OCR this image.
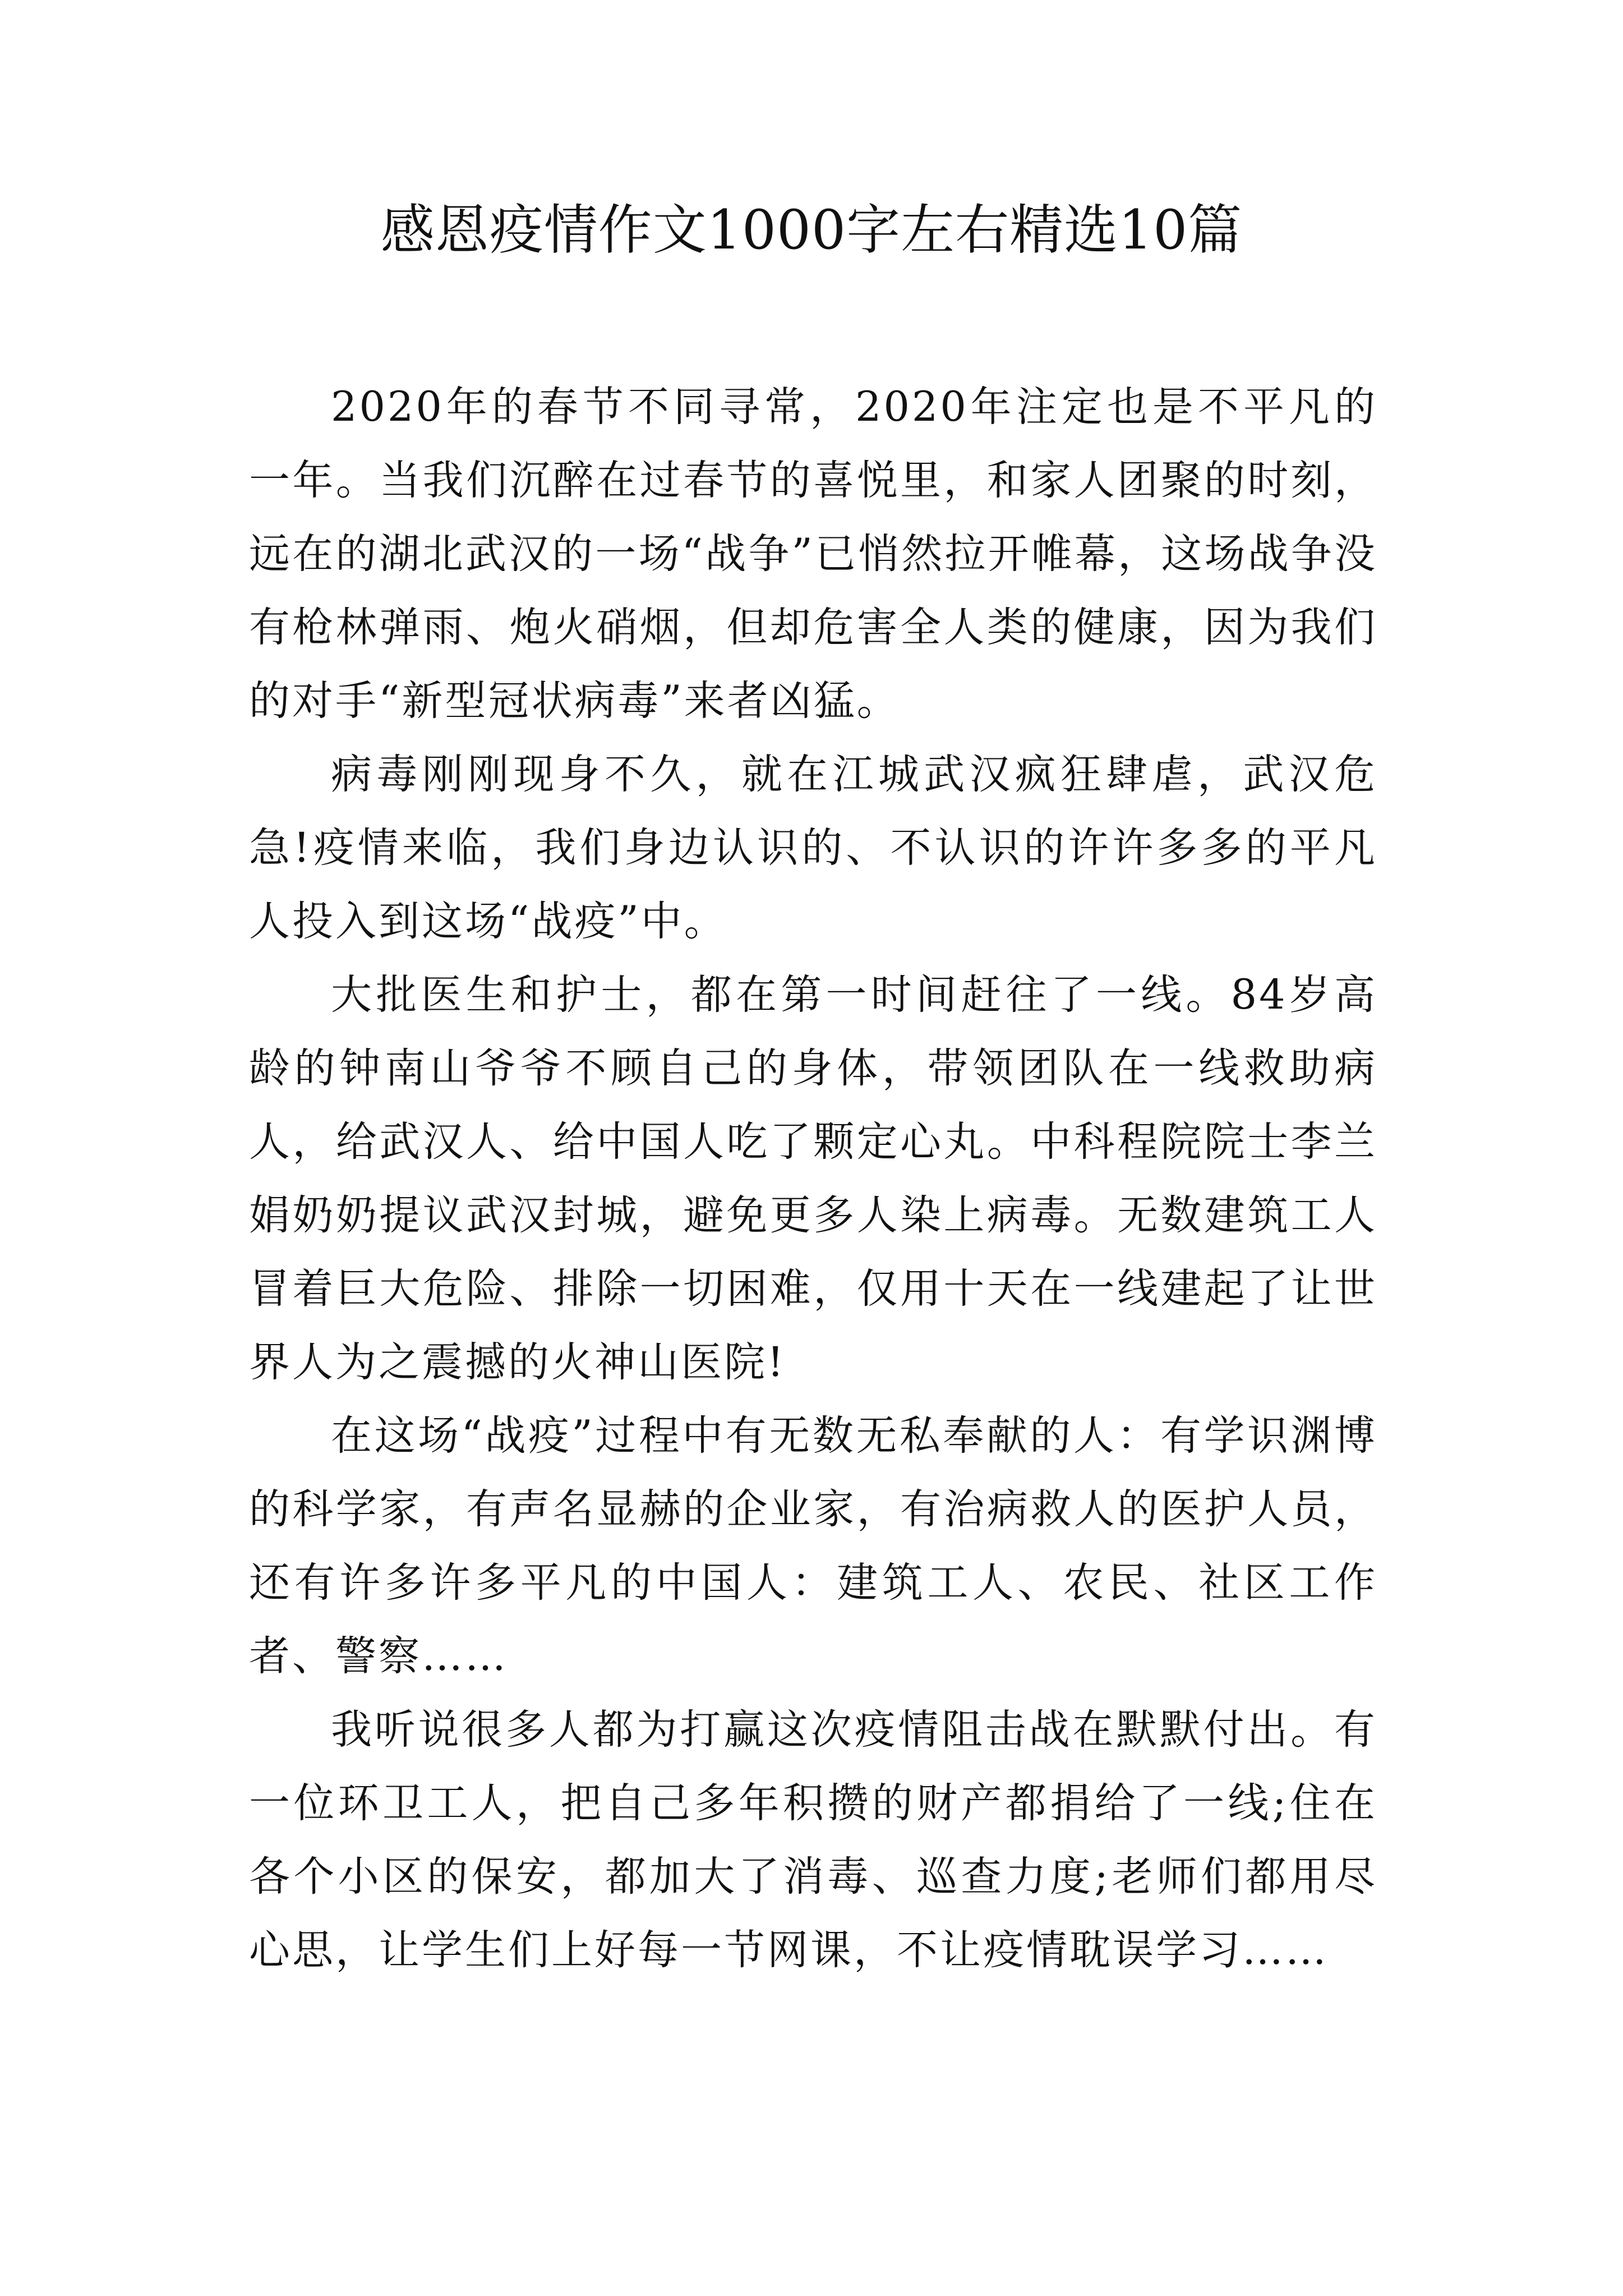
感恩疫情作文1000字左右精选10篇

2020年的春节不同寻常，2020年注定也是不平凡的一年。当我们沉醉在过春节的喜悦里，和家人团聚的时刻，远在的湖北武汉的一场“战争”已悄然拉开帷幕，这场战争没有枪林弹雨、炮火硝烟，但却危害全人类的健康，因为我们的对手“新型冠状病毒”来者凶猛。

病毒刚刚现身不久，就在江城武汉疯狂肆虐，武汉危急!疫情来临，我们身边认识的、不认识的许许多多的平凡人投入到这场“战疫”中。

大批医生和护士，都在第一时间赶往了一线。84岁高龄的钟南山爷爷不顾自己的身体，带领团队在一线救助病人，给武汉人、给中国人吃了颗定心丸。中科程院院士李兰娟奶奶提议武汉封城，避免更多人染上病毒。无数建筑工人冒着巨大危险、排除一切困难，仅用十天在一线建起了让世界人为之震撼的火神山医院!

在这场“战疫”过程中有无数无私奉献的人：有学识渊博的科学家，有声名显赫的企业家，有治病救人的医护人员，还有许多许多平凡的中国人：建筑工人、农民、社区工作者、警察……

我听说很多人都为打赢这次疫情阻击战在默默付出。有一位环卫工人，把自己多年积攒的财产都捐给了一线;住在各个小区的保安，都加大了消毒、巡查力度;老师们都用尽心思，让学生们上好每一节网课，不让疫情耽误学习……
